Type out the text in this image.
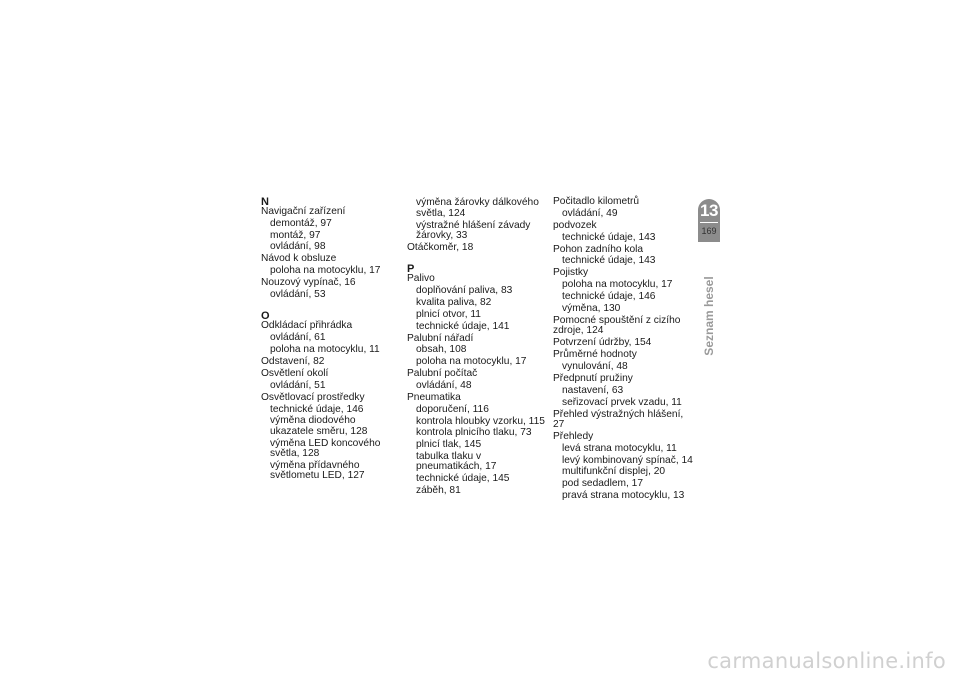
N
Navigační zařízení
demontáž, 97
montáž, 97
ovládání, 98
Návod k obsluze
poloha na motocyklu, 17
Nouzový vypínač, 16
ovládání, 53
O
Odkládací přihrádka
ovládání, 61
poloha na motocyklu, 11
Odstavení, 82
Osvětlení okolí
ovládání, 51
Osvětlovací prostředky
technické údaje, 146
výměna diodového ukazatele směru, 128
výměna LED koncového světla, 128
výměna přídavného světlometu LED, 127
výměna žárovky dálkového světla, 124
výstražné hlášení závady žárovky, 33
Otáčkoměr, 18
P
Palivo
doplňování paliva, 83
kvalita paliva, 82
plnicí otvor, 11
technické údaje, 141
Palubní nářadí
obsah, 108
poloha na motocyklu, 17
Palubní počítač
ovládání, 48
Pneumatika
doporučení, 116
kontrola hloubky vzorku, 115
kontrola plnicího tlaku, 73
plnicí tlak, 145
tabulka tlaku v pneumatikách, 17
technické údaje, 145
záběh, 81
Počitadlo kilometrů
ovládání, 49
podvozek
technické údaje, 143
Pohon zadního kola
technické údaje, 143
Pojistky
poloha na motocyklu, 17
technické údaje, 146
výměna, 130
Pomocné spouštění z cizího zdroje, 124
Potvrzení údržby, 154
Průměrné hodnoty
vynulování, 48
Předpnutí pružiny
nastavení, 63
seřizovací prvek vzadu, 11
Přehled výstražných hlášení, 27
Přehledy
levá strana motocyklu, 11
levý kombinovaný spínač, 14
multifunkční displej, 20
pod sedadlem, 17
pravá strana motocyklu, 13
13
169
Seznam hesel
carmanualsonline.info
